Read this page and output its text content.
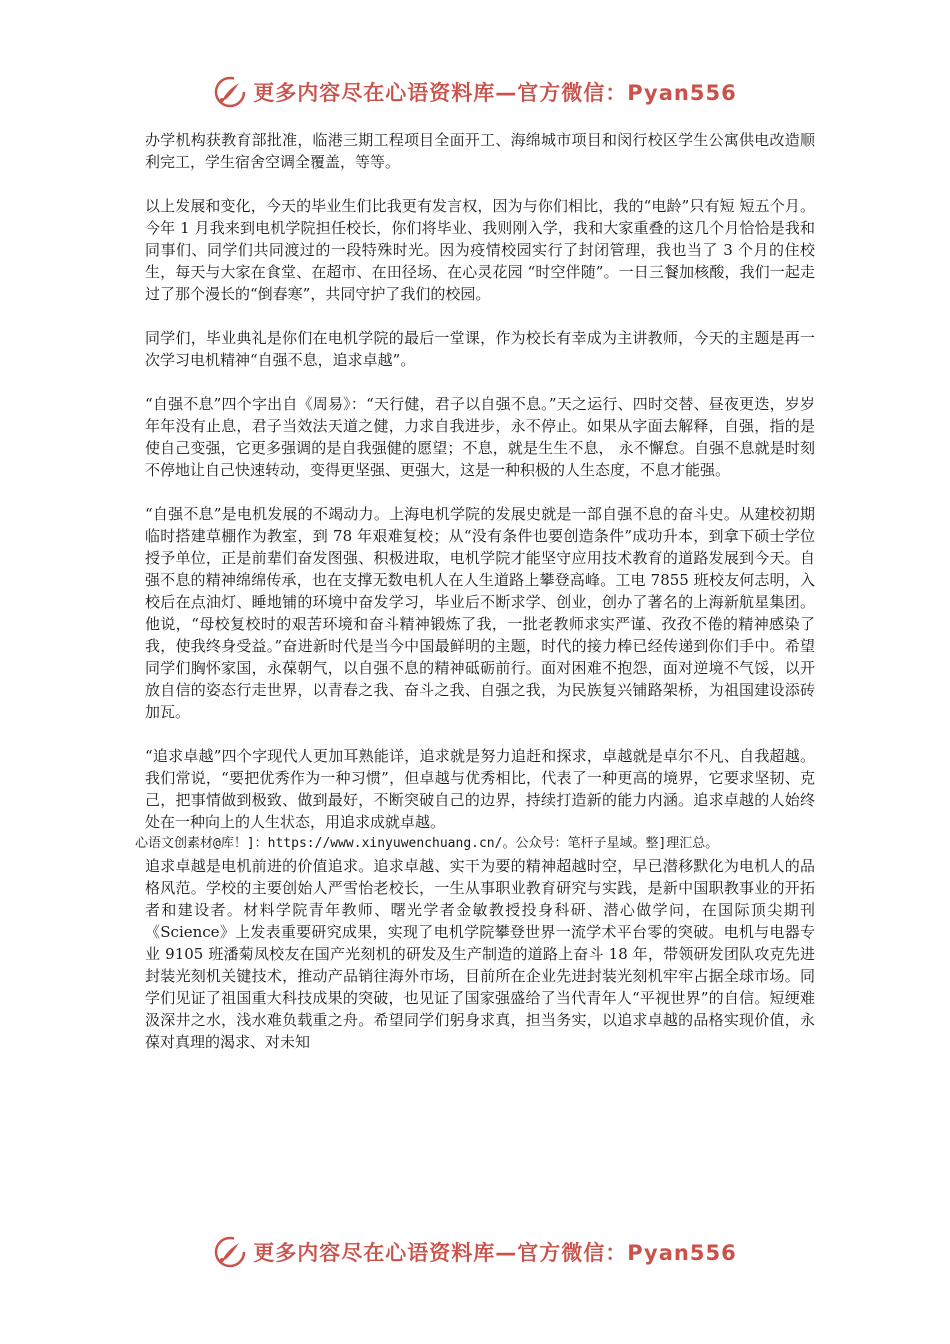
更多内容尽在心语资料库—官方微信：Pyan556

办学机构获教育部批准，临港三期工程项目全面开工、海绵城市项目和闵行校区学生公寓供电改造顺利完工，学生宿舍空调全覆盖，等等。

以上发展和变化，今天的毕业生们比我更有发言权，因为与你们相比，我的“电龄”只有短 短五个月。今年 1 月我来到电机学院担任校长，你们将毕业、我则刚入学，我和大家重叠的这几个月恰恰是我和同事们、同学们共同渡过的一段特殊时光。因为疫情校园实行了封闭管理，我也当了 3 个月的住校生，每天与大家在食堂、在超市、在田径场、在心灵花园 “时空伴随”。一日三餐加核酸，我们一起走过了那个漫长的“倒春寒”，共同守护了我们的校园。

同学们，毕业典礼是你们在电机学院的最后一堂课，作为校长有幸成为主讲教师，今天的主题是再一次学习电机精神“自强不息，追求卓越”。

“自强不息”四个字出自《周易》：“天行健，君子以自强不息。”天之运行、四时交替、昼夜更迭，岁岁年年没有止息，君子当效法天道之健，力求自我进步，永不停止。如果从字面去解释，自强，指的是使自己变强，它更多强调的是自我强健的愿望；不息，就是生生不息， 永不懈怠。自强不息就是时刻不停地让自己快速转动，变得更坚强、更强大，这是一种积极的人生态度，不息才能强。

“自强不息”是电机发展的不竭动力。上海电机学院的发展史就是一部自强不息的奋斗史。从建校初期临时搭建草棚作为教室，到 78 年艰难复校；从“没有条件也要创造条件”成功升本，到拿下硕士学位授予单位，正是前辈们奋发图强、积极进取，电机学院才能坚守应用技术教育的道路发展到今天。自强不息的精神绵绵传承，也在支撑无数电机人在人生道路上攀登高峰。工电 7855 班校友何志明，入校后在点油灯、睡地铺的环境中奋发学习，毕业后不断求学、创业，创办了著名的上海新航星集团。他说，“母校复校时的艰苦环境和奋斗精神锻炼了我，一批老教师求实严谨、孜孜不倦的精神感染了我，使我终身受益。”奋进新时代是当今中国最鲜明的主题，时代的接力棒已经传递到你们手中。希望同学们胸怀家国，永葆朝气，以自强不息的精神砥砺前行。面对困难不抱怨，面对逆境不气馁，以开放自信的姿态行走世界，以青春之我、奋斗之我、自强之我，为民族复兴铺路架桥，为祖国建设添砖加瓦。

“追求卓越”四个字现代人更加耳熟能详，追求就是努力追赶和探求，卓越就是卓尔不凡、自我超越。我们常说，“要把优秀作为一种习惯”，但卓越与优秀相比，代表了一种更高的境界，它要求坚韧、克己，把事情做到极致、做到最好，不断突破自己的边界，持续打造新的能力内涵。追求卓越的人始终处在一种向上的人生状态，用追求成就卓越。

心语文创素材@库！]：https://www.xinyuwenchuang.cn/。公众号：笔杆子星域。整]理汇总。

追求卓越是电机前进的价值追求。追求卓越、实干为要的精神超越时空，早已潜移默化为电机人的品格风范。学校的主要创始人严雪怡老校长，一生从事职业教育研究与实践，是新中国职教事业的开拓者和建设者。材料学院青年教师、曙光学者金敏教授投身科研、潜心做学问，在国际顶尖期刊《Science》上发表重要研究成果，实现了电机学院攀登世界一流学术平台零的突破。电机与电器专业 9105 班潘菊凤校友在国产光刻机的研发及生产制造的道路上奋斗 18 年，带领研发团队攻克先进封装光刻机关键技术，推动产品销往海外市场，目前所在企业先进封装光刻机牢牢占据全球市场。同学们见证了祖国重大科技成果的突破，也见证了国家强盛给了当代青年人“平视世界”的自信。短绠难汲深井之水，浅水难负载重之舟。希望同学们躬身求真，担当务实，以追求卓越的品格实现价值，永葆对真理的渴求、对未知

更多内容尽在心语资料库—官方微信：Pyan556
